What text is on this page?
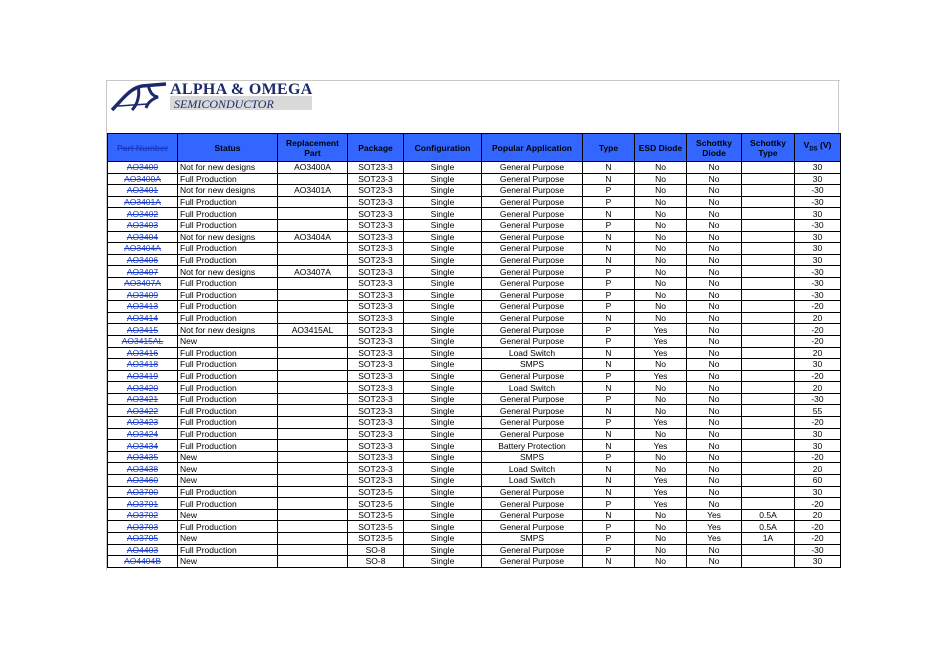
ALPHA & OMEGA
SEMICONDUCTOR
Part Number	Status	Replacement Part	Package	Configuration	Popular Application	Type	ESD Diode	Schottky Diode	Schottky Type	$V_{DS}$ (V)
AO3400	Not for new designs	AO3400A	SOT23-3	Single	General Purpose	N	No	No		30
AO3400A	Full Production		SOT23-3	Single	General Purpose	N	No	No		30
AO3401	Not for new designs	AO3401A	SOT23-3	Single	General Purpose	P	No	No		-30
AO3401A	Full Production		SOT23-3	Single	General Purpose	P	No	No		-30
AO3402	Full Production		SOT23-3	Single	General Purpose	N	No	No		30
AO3403	Full Production		SOT23-3	Single	General Purpose	P	No	No		-30
AO3404	Not for new designs	AO3404A	SOT23-3	Single	General Purpose	N	No	No		30
AO3404A	Full Production		SOT23-3	Single	General Purpose	N	No	No		30
AO3406	Full Production		SOT23-3	Single	General Purpose	N	No	No		30
AO3407	Not for new designs	AO3407A	SOT23-3	Single	General Purpose	P	No	No		-30
AO3407A	Full Production		SOT23-3	Single	General Purpose	P	No	No		-30
AO3409	Full Production		SOT23-3	Single	General Purpose	P	No	No		-30
AO3413	Full Production		SOT23-3	Single	General Purpose	P	No	No		-20
AO3414	Full Production		SOT23-3	Single	General Purpose	N	No	No		20
AO3415	Not for new designs	AO3415AL	SOT23-3	Single	General Purpose	P	Yes	No		-20
AO3415AL	New		SOT23-3	Single	General Purpose	P	Yes	No		-20
AO3416	Full Production		SOT23-3	Single	Load Switch	N	Yes	No		20
AO3418	Full Production		SOT23-3	Single	SMPS	N	No	No		30
AO3419	Full Production		SOT23-3	Single	General Purpose	P	Yes	No		-20
AO3420	Full Production		SOT23-3	Single	Load Switch	N	No	No		20
AO3421	Full Production		SOT23-3	Single	General Purpose	P	No	No		-30
AO3422	Full Production		SOT23-3	Single	General Purpose	N	No	No		55
AO3423	Full Production		SOT23-3	Single	General Purpose	P	Yes	No		-20
AO3424	Full Production		SOT23-3	Single	General Purpose	N	No	No		30
AO3434	Full Production		SOT23-3	Single	Battery Protection	N	Yes	No		30
AO3435	New		SOT23-3	Single	SMPS	P	No	No		-20
AO3438	New		SOT23-3	Single	Load Switch	N	No	No		20
AO3460	New		SOT23-3	Single	Load Switch	N	Yes	No		60
AO3700	Full Production		SOT23-5	Single	General Purpose	N	Yes	No		30
AO3701	Full Production		SOT23-5	Single	General Purpose	P	Yes	No		-20
AO3702	New		SOT23-5	Single	General Purpose	N	No	Yes	0.5A	20
AO3703	Full Production		SOT23-5	Single	General Purpose	P	No	Yes	0.5A	-20
AO3705	New		SOT23-5	Single	SMPS	P	No	Yes	1A	-20
AO4403	Full Production		SO-8	Single	General Purpose	P	No	No		-30
AO4404B	New		SO-8	Single	General Purpose	N	No	No		30
